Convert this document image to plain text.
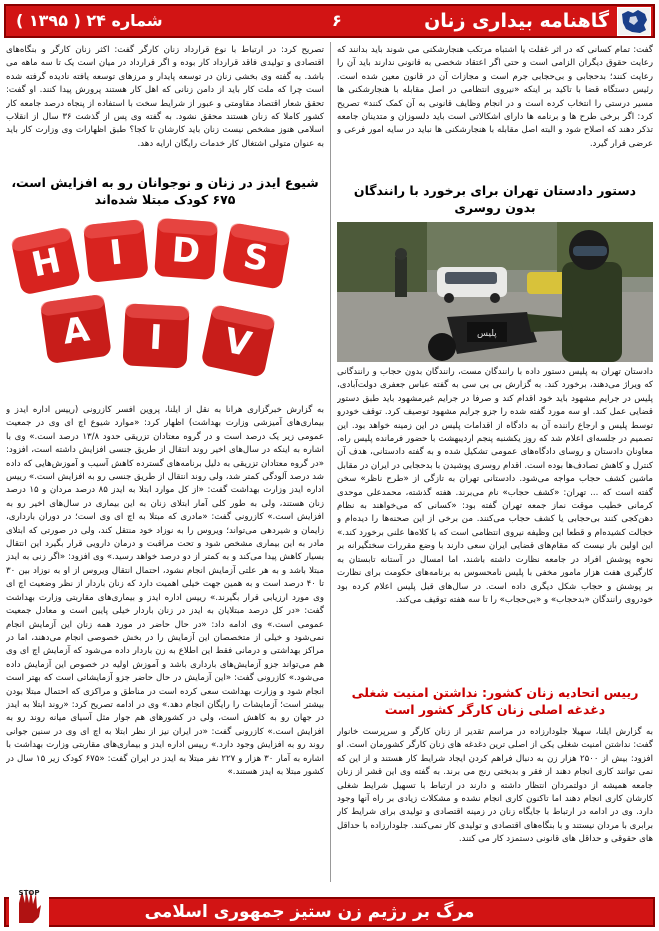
گاهنامه بیداری زنان
۶
شماره ۲۴ ( ۱۳۹۵ )
گفت: تمام کسانی که در اثر غفلت یا اشتباه مرتکب هنجارشکنی می شوند باید بدانند که رعایت حقوق دیگران الزامی است و حتی اگر اعتقاد شخصی به قانونی ندارند باید آن را رعایت کنند؛ بدحجابی و بی‌حجابی جرم است و مجازات آن در قانون معین شده است. رئیس دستگاه قضا با تاکید بر اینکه «نیروی انتظامی در اصل مقابله با هنجارشکنی ها مسیر درستی را انتخاب کرده است و در انجام وظایف قانونی به آن کمک کنند» تصریح کرد: اگر برخی طرح ها و برنامه ها دارای اشکالاتی است باید دلسوزان و متدینان جامعه تذکر دهند که اصلاح شود و البته اصل مقابله با هنجارشکنی ها نباید در سایه امور فرعی و عرضی قرار گیرد.
دستور دادستان تهران برای برخورد با رانندگان بدون روسری
پلیس
دادستان تهران به پلیس دستور داده با رانندگان مست، رانندگان بدون حجاب و رانندگانی که ویراژ می‌دهند، برخورد کند. به گزارش بی بی سی به گفته عباس جعفری دولت‌آبادی، پلیس در جرایم مشهود باید خود اقدام کند و صرفا در جرایم غیرمشهود باید طبق دستور قضایی عمل کند. او سه مورد گفته شده را جزو جرایم مشهود توصیف کرد. توقف خودرو توسط پلیس و ارجاع راننده آن به دادگاه از اقدامات پلیس در این زمینه خواهد بود. این تصمیم در جلسه‌ای اعلام شد که روز یکشنبه پنجم اردیبهشت با حضور فرمانده پلیس راه، معاونان دادستان و روسای دادگاه‌های عمومی تشکیل شده و به گفته دادستانی، هدف آن کنترل و کاهش تصادف‌ها بوده است. اقدام روسری پوشیدن با بدحجابی در ایران در مقابل ماشین کشف حجاب مواجه می‌شود. دادستانی تهران به تازگی از «طرح ناظر» سخن گفته است که ... تهران: «کشف حجاب» نام می‌برند. هفته گذشته، محمدعلی موحدی کرمانی خطیب موقت نماز جمعه تهران گفته بود: «کسانی که می‌خواهند به نظام دهن‌کجی کنند بی‌حجابی یا کشف حجاب می‌کنند. من برخی از این صحنه‌ها را دیده‌ام و خجالت کشیده‌ام و قطعا این وظیفه نیروی انتظامی است که با کلاه‌ها علنی برخورد کند.» این اولین بار نیست که مقام‌های قضایی ایران سعی دارند با وضع مقررات سختگیرانه بر نحوه پوشش افراد در جامعه نظارت داشته باشند، اما امسال در آستانه تابستان به کارگیری هفت هزار مامور مخفی با پلیس نامحسوس به برنامه‌های حکومت برای نظارت بر پوشش و حجاب شکل دیگری داده است. در سال‌های قبل پلیس اعلام کرده بود خودروی رانندگان «بدحجاب» و «بی‌حجاب» را تا سه هفته توقیف می‌کند.
رییس اتحادیه زنان کشور: نداشتن امنیت شغلی دغدغه اصلی زنان کارگر کشور است
به گزارش ایلنا، سهیلا جلودارزاده در مراسم تقدیر از زنان کارگر و سرپرست خانوار گفت: نداشتن امنیت شغلی یکی از اصلی ترین دغدغه های زنان کارگر کشورمان است. او افزود: بیش از ۲۵۰۰ هزار زن به دنبال فراهم کردن ایجاد شرایط کار هستند و از این که نمی توانند کاری انجام دهند از فقر و بدبختی رنج می برند. به گفته وی این قشر از زنان جامعه همیشه از دولتمردان انتظار داشته و دارند در ارتباط با تسهیل شرایط شغلی کارشان کاری انجام دهند اما تاکنون کاری انجام نشده و مشکلات زیادی بر راه آنها وجود دارد. وی در ادامه در ارتباط با جایگاه زنان در زمینه اقتصادی و تولیدی برای شرایط کار برابری با مردان نیستند و با بنگاه‌های اقتصادی و تولیدی کار نمی‌کنند. جلودارزاده با حداقل های حقوقی و حداقل های قانونی دستمزد کار می کنند.
تصریح کرد: در ارتباط با نوع قرارداد زنان کارگر گفت: اکثر زنان کارگر و بنگاه‌های اقتصادی و تولیدی فاقد قرارداد کار بوده و اگر قرارداد در میان است یک تا سه ماهه می باشد. به گفته وی بخشی زنان در توسعه پایدار و مرزهای توسعه یافته نادیده گرفته شده است چرا که ملت کار باید از دامن زنانی که اهل کار هستند پرورش پیدا کنند. او گفت: تحقق شعار اقتصاد مقاومتی و عبور از شرایط سخت با استفاده از پنجاه درصد جامعه کار کشور کاملا که زنان هستند محقق نشود. به گفته وی پس از گذشت ۳۶ سال از انقلاب اسلامی هنوز مشخص نیست زنان باید کارشان تا کجا؟ طبق اظهارات وی وزارت کار باید به عنوان متولی اشتغال کار خدمات رایگان ارایه دهد.
شیوع ایدز در زنان و نوجوانان رو به افزایش است، ۶۷۵ کودک مبتلا شده‌اند
H I D S
A I V
به گزارش خبرگزاری هرانا به نقل از ایلنا، پروین افسر کازرونی (رییس اداره ایدز و بیماری‌های آمیزشی وزارت بهداشت) اظهار کرد: «موارد شیوع اچ ای وی در جمعیت عمومی زیر یک درصد است و در گروه معتادان تزریقی حدود ۱۳/۸ درصد است.» وی با اشاره به اینکه در سال‌های اخیر روند انتقال از طریق جنسی افزایش داشته است، افزود: «در گروه معتادان تزریقی به دلیل برنامه‌های گسترده کاهش آسیب و آموزش‌هایی که داده شد درصد آلودگی کمتر شد، ولی روند انتقال از طریق جنسی رو به افزایش است.» رییس اداره ایدز وزارت بهداشت گفت: «از کل موارد ابتلا به ایدز ۸۵ درصد مردان و ۱۵ درصد زنان هستند، ولی به طور کلی آمار ابتلای زنان به این بیماری در سال‌های اخیر رو به افزایش است.» کازرونی گفت: «مادری که مبتلا به اچ ای وی است؛ در دوران بارداری، زایمان و شیردهی می‌تواند؛ ویروس را به نوزاد خود منتقل کند، ولی در صورتی که ابتلای مادر به این بیماری مشخص شود و تحت مراقبت و درمان دارویی قرار بگیرد این انتقال بسیار کاهش پیدا می‌کند و به کمتر از دو درصد خواهد رسید.» وی افزود: «اگر زنی به ایدز مبتلا باشد و به هر علتی آزمایش انجام نشود، احتمال انتقال ویروس از او به نوزاد بین ۳۰ تا ۴۰ درصد است و به همین جهت خیلی اهمیت دارد که زنان باردار از نظر وضعیت اچ ای وی مورد ارزیابی قرار بگیرند.» رییس اداره ایدز و بیماری‌های مقاربتی وزارت بهداشت گفت: «در کل درصد مبتلایان به ایدز در زنان باردار خیلی پایین است و معادل جمعیت عمومی است.» وی ادامه داد: «در حال حاضر در مورد همه زنان این آزمایش انجام نمی‌شود و خیلی از متخصصان این آزمایش را در بخش خصوصی انجام می‌دهند، اما در مراکز بهداشتی و درمانی فقط این اطلاع به زن باردار داده می‌شود که آزمایش اچ ای وی هم می‌تواند جزو آزمایش‌های بارداری باشد و آموزش اولیه در خصوص این آزمایش داده می‌شود.» کازرونی گفت: «این آزمایش در حال حاضر جزو آزمایشاتی است که بهتر است انجام شود و وزارت بهداشت سعی کرده است در مناطق و مراکزی که احتمال مبتلا بودن بیشتر است؛ آزمایشات را رایگان انجام دهد.» وی در ادامه تصریح کرد: «روند ابتلا به ایدز در جهان رو به کاهش است، ولی در کشورهای هم جوار مثل آسیای میانه روند رو به افزایش است.» کازرونی گفت: «در ایران نیز از نظر ابتلا به اچ ای وی در سنین جوانی روند رو به افزایش وجود دارد.» رییس اداره ایدز و بیماری‌های مقاربتی وزارت بهداشت با اشاره به آمار ۳۰ هزار و ۲۲۷ نفر مبتلا به ایدز در ایران گفت: «۶۷۵ کودک زیر ۱۵ سال در کشور مبتلا به ایدز هستند.»
مرگ بر رژیم زن ستیز جمهوری اسلامی
STOP
